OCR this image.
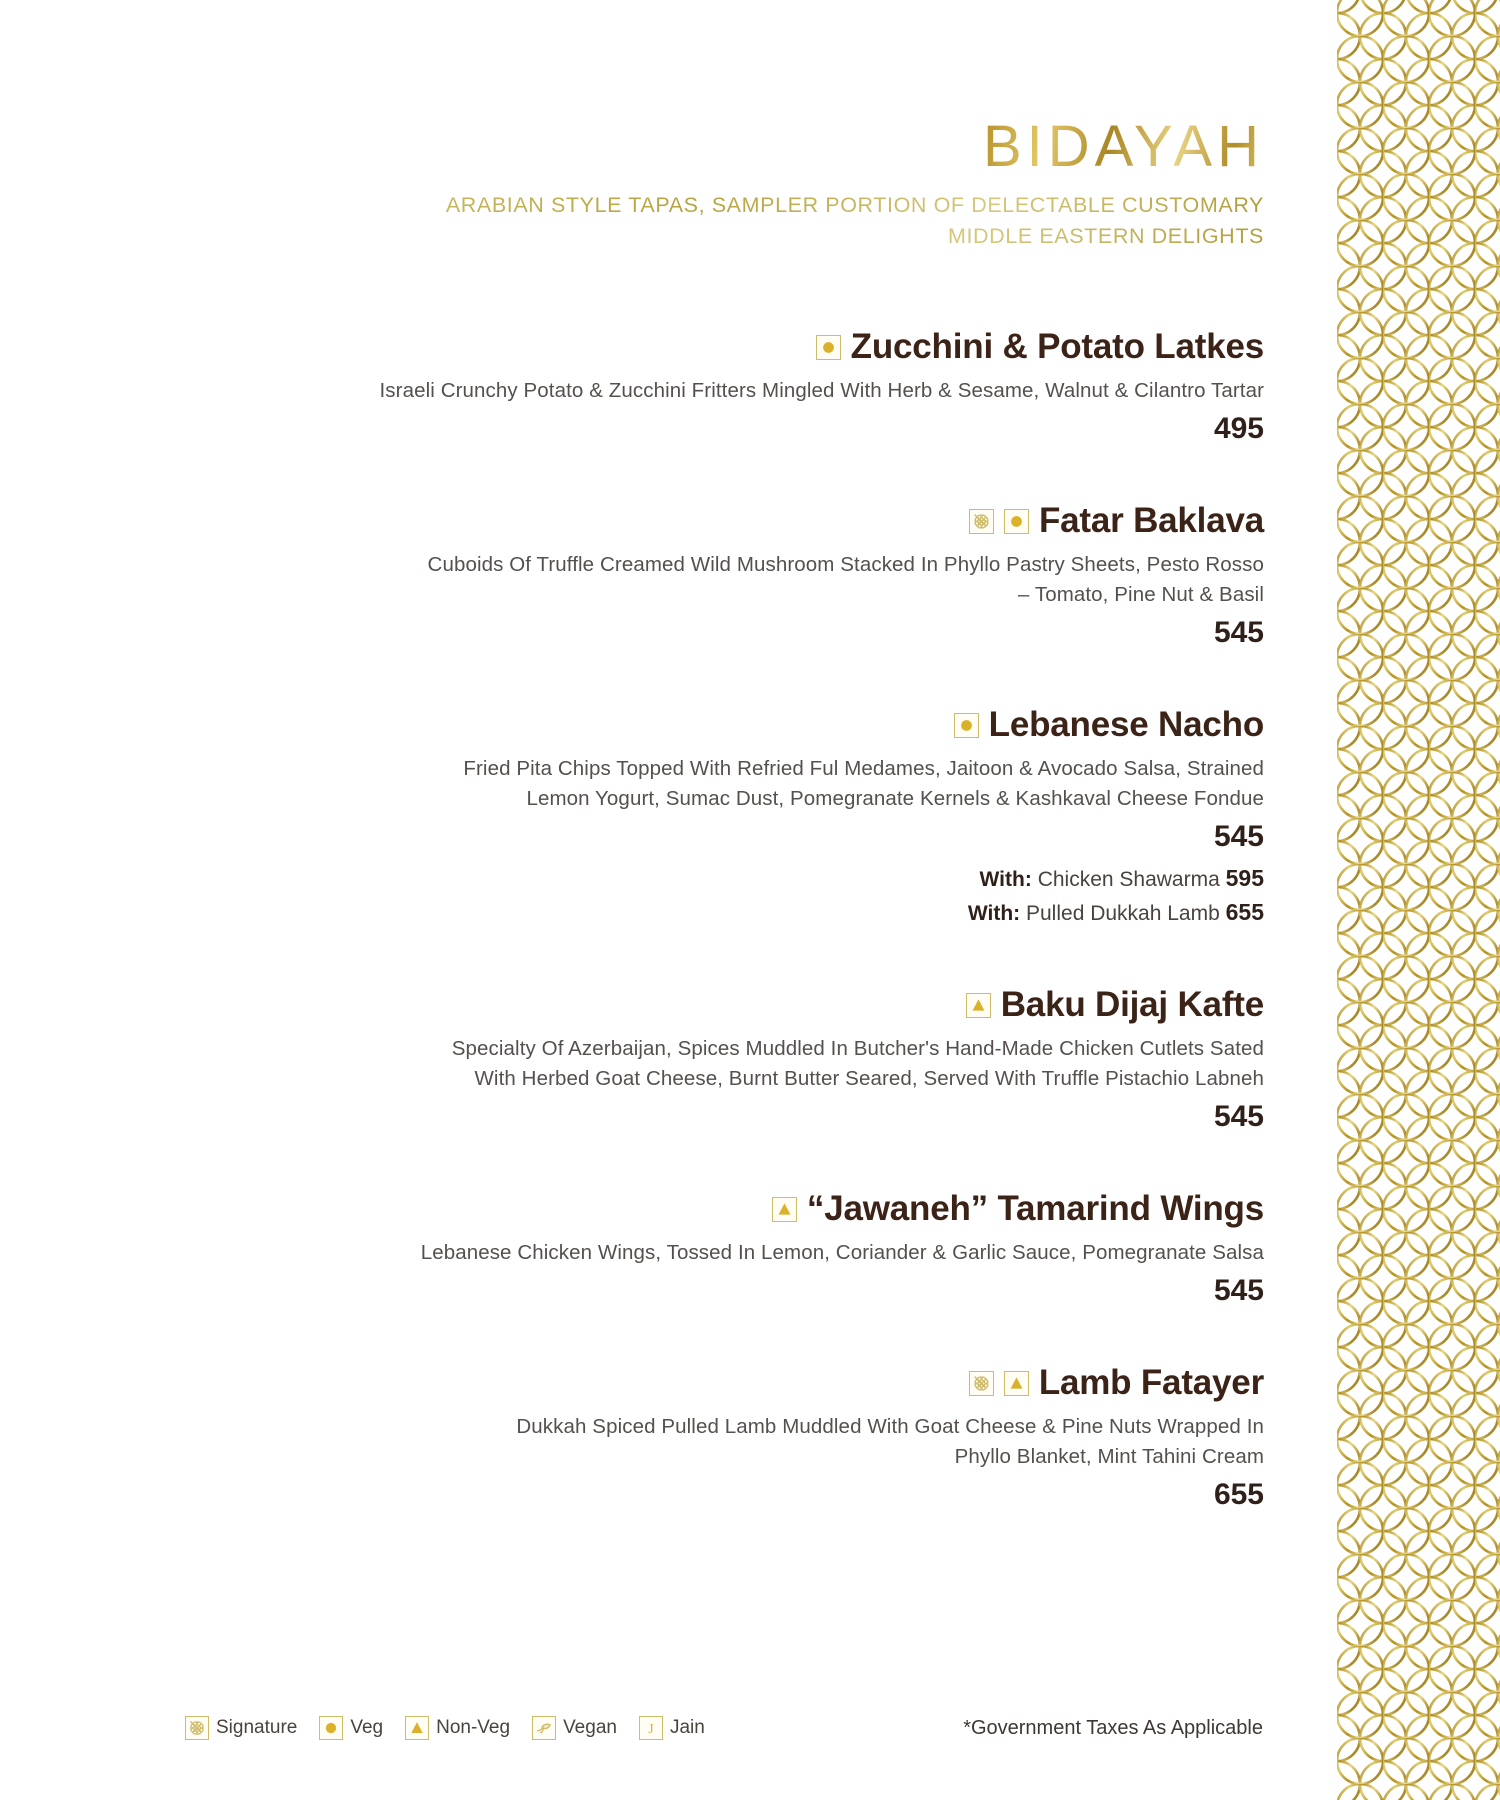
BIDAYAH
ARABIAN STYLE TAPAS, SAMPLER PORTION OF DELECTABLE CUSTOMARY
MIDDLE EASTERN DELIGHTS
Zucchini & Potato Latkes
Israeli Crunchy Potato & Zucchini Fritters Mingled With Herb & Sesame, Walnut & Cilantro Tartar
495
Fatar Baklava
Cuboids Of Truffle Creamed Wild Mushroom Stacked In Phyllo Pastry Sheets, Pesto Rosso
– Tomato, Pine Nut & Basil
545
Lebanese Nacho
Fried Pita Chips Topped With Refried Ful Medames, Jaitoon & Avocado Salsa, Strained
Lemon Yogurt, Sumac Dust, Pomegranate Kernels & Kashkaval Cheese Fondue
545
With: Chicken Shawarma 595
With: Pulled Dukkah Lamb 655
Baku Dijaj Kafte
Specialty Of Azerbaijan, Spices Muddled In Butcher's Hand-Made Chicken Cutlets Sated
With Herbed Goat Cheese, Burnt Butter Seared, Served With Truffle Pistachio Labneh
545
“Jawaneh” Tamarind Wings
Lebanese Chicken Wings, Tossed In Lemon, Coriander & Garlic Sauce, Pomegranate Salsa
545
Lamb Fatayer
Dukkah Spiced Pulled Lamb Muddled With Goat Cheese & Pine Nuts Wrapped In
Phyllo Blanket, Mint Tahini Cream
655
Signature	Veg	Non-Veg	Vegan J Jain	*Government Taxes As Applicable
